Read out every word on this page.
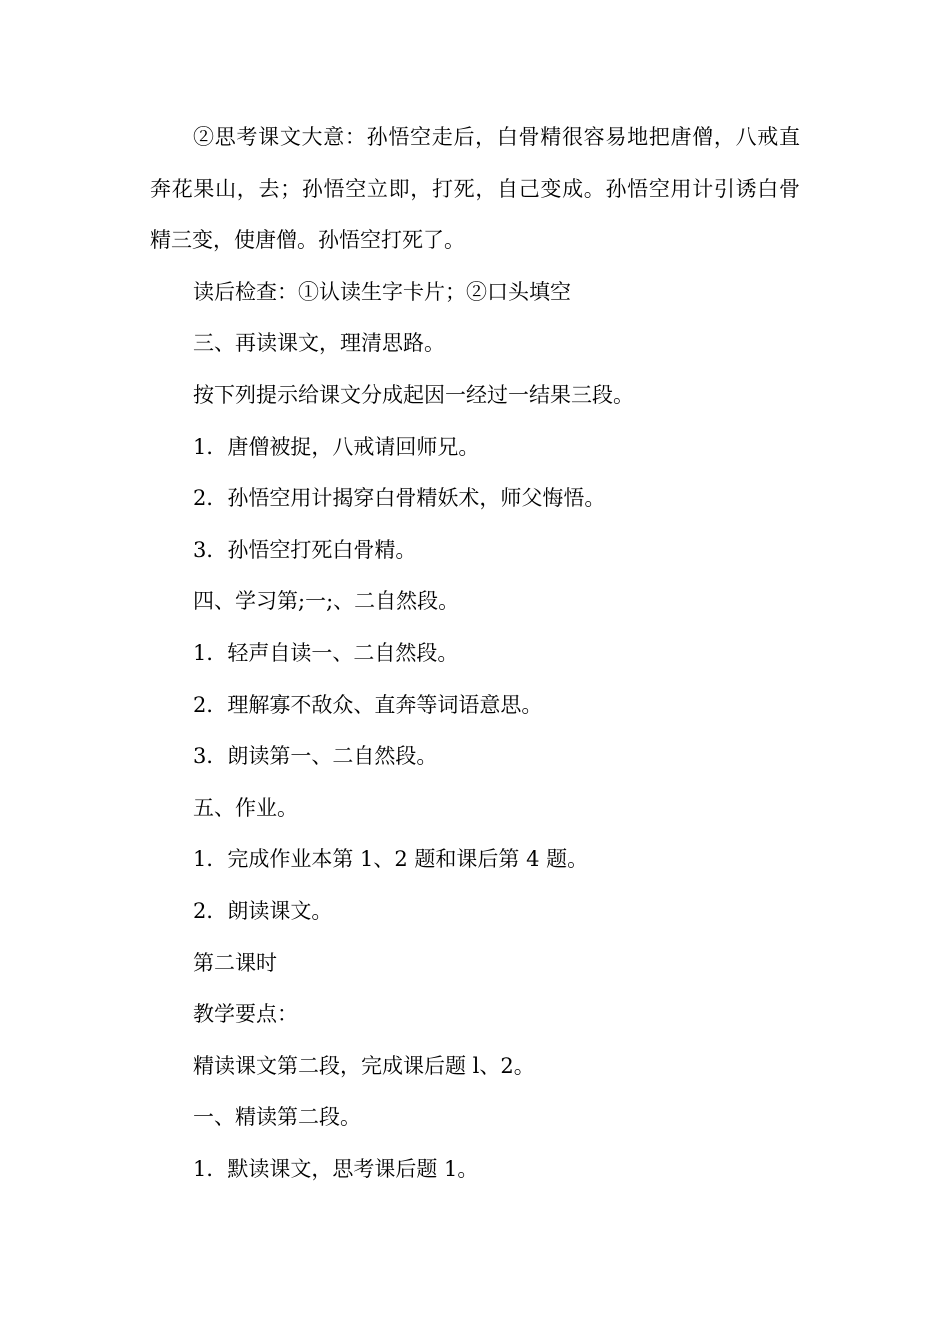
②思考课文大意：孙悟空走后，白骨精很容易地把唐僧，八戒直奔花果山，去；孙悟空立即，打死，自己变成。孙悟空用计引诱白骨精三变，使唐僧。孙悟空打死了。

读后检查：①认读生字卡片；②口头填空

三、再读课文，理清思路。

按下列提示给课文分成起因一经过一结果三段。

1．唐僧被捉，八戒请回师兄。

2．孙悟空用计揭穿白骨精妖术，师父悔悟。

3．孙悟空打死白骨精。

四、学习第;一;、二自然段。

1．轻声自读一、二自然段。

2．理解寡不敌众、直奔等词语意思。

3．朗读第一、二自然段。

五、作业。

1．完成作业本第 1、2 题和课后第 4 题。

2．朗读课文。

第二课时

教学要点：

精读课文第二段，完成课后题 l、2。

一、精读第二段。

1．默读课文，思考课后题 1。
